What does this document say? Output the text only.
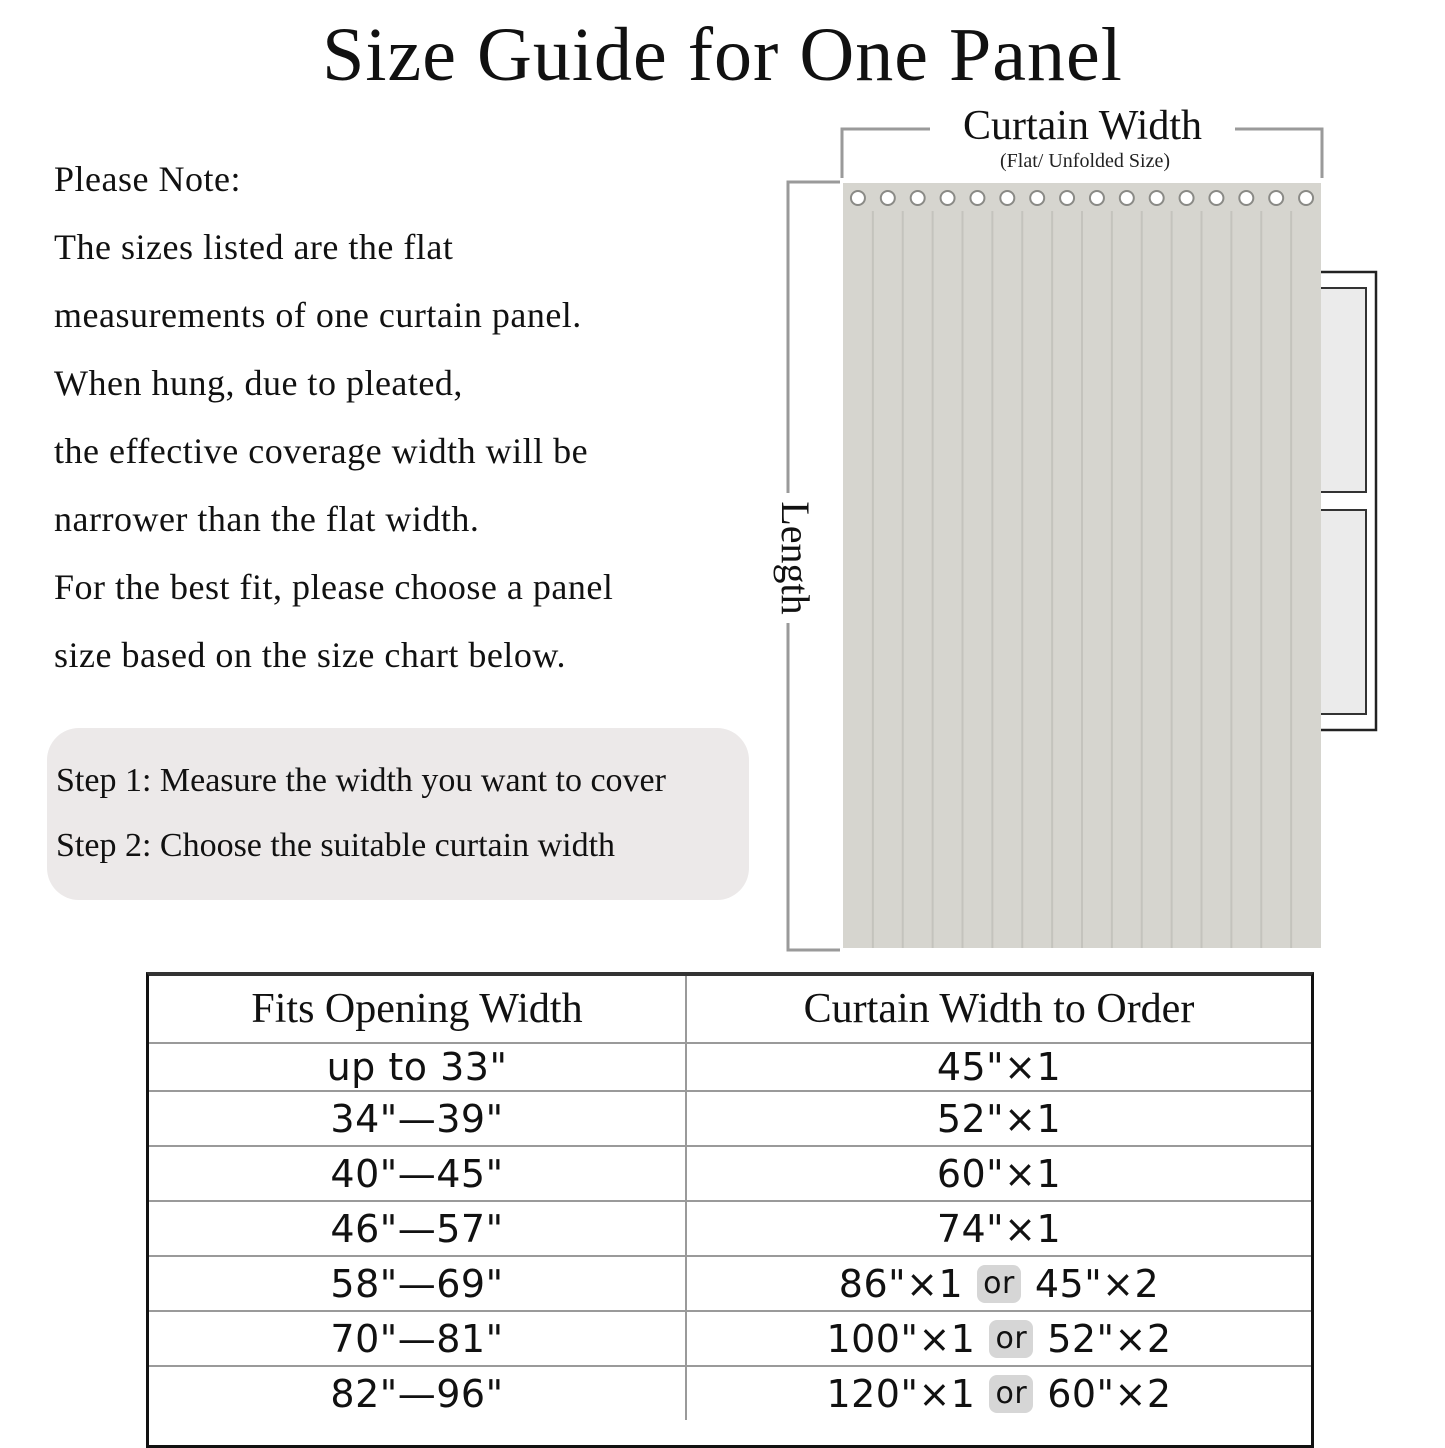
Size Guide for One Panel
Please Note:
The sizes listed are the flat
measurements of one curtain panel.
When hung, due to pleated,
the effective coverage width will be
narrower than the flat width.
For the best fit, please choose a panel
size based on the size chart below.
Step 1: Measure the width you want to cover
Step 2: Choose the suitable curtain width
Curtain Width
(Flat/ Unfolded Size)
Length
Fits Opening Width	Curtain Width to Order
up to 33"	45"×1
34"—39"	52"×1
40"—45"	60"×1
46"—57"	74"×1
58"—69"	86"×1 or 45"×2
70"—81"	100"×1 or 52"×2
82"—96"	120"×1 or 60"×2
